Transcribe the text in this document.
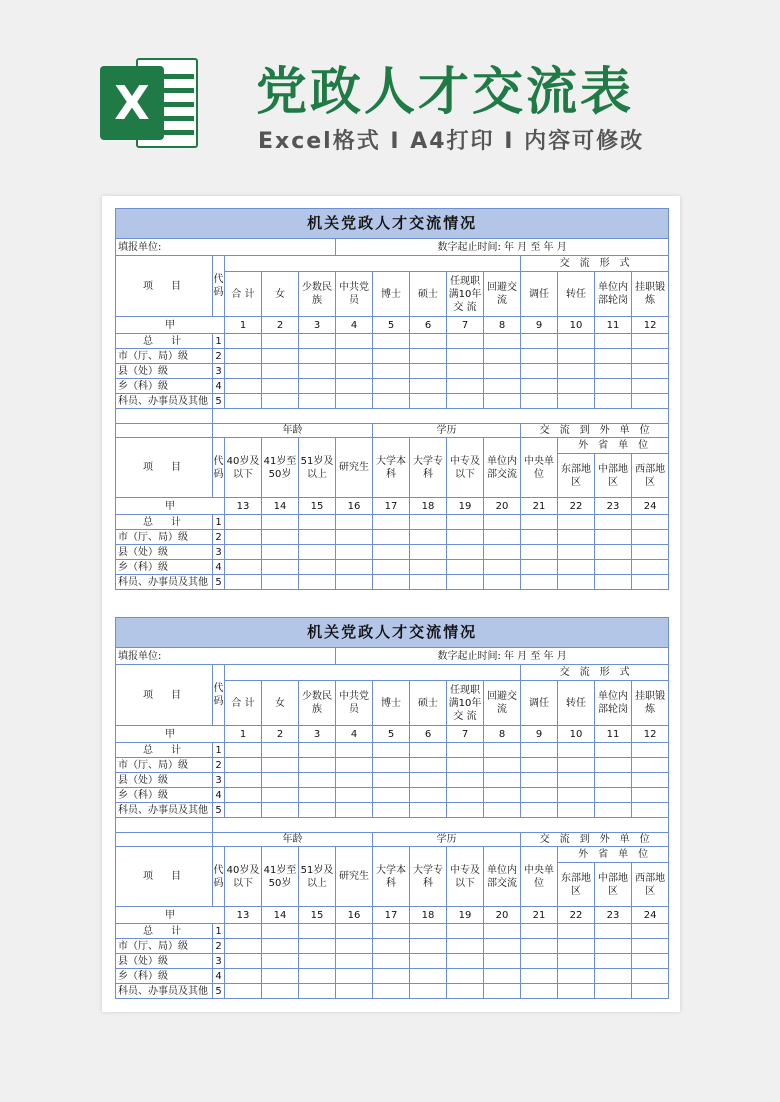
X 党政人才交流表
Excel格式 I A4打印 I 内容可修改
机关党政人才交流情况													
填报单位:					数字起止时间: 年 月 至 年 月								
项　目	代码									交　流　形　式			
		合 计	女	少数民族	中共党员	博士	硕士	任现职满10年交 流	回避交流	调任	转任	单位内部轮岗	挂职锻炼
甲		1	2	3	4	5	6	7	8	9	10	11	12
总　计	1												
市（厅、局）级	2												
县（处）级	3												
乡（科）级	4												
科员、办事员及其他	5												

	年龄					学历				交　流　到　外　单　位			
项　目	代码	40岁及以下	41岁至50岁	51岁及以上	研究生	大学本科	大学专科	中专及以下	单位内部交流	中央单位	外　省　单　位		
											东部地区	中部地区	西部地区
甲		13	14	15	16	17	18	19	20	21	22	23	24
总　计	1												
市（厅、局）级	2												
县（处）级	3												
乡（科）级	4												
科员、办事员及其他	5												
机关党政人才交流情况													
填报单位:					数字起止时间: 年 月 至 年 月								
项　目	代码									交　流　形　式			
		合 计	女	少数民族	中共党员	博士	硕士	任现职满10年交 流	回避交流	调任	转任	单位内部轮岗	挂职锻炼
甲		1	2	3	4	5	6	7	8	9	10	11	12
总　计	1												
市（厅、局）级	2												
县（处）级	3												
乡（科）级	4												
科员、办事员及其他	5												

	年龄					学历				交　流　到　外　单　位			
项　目	代码	40岁及以下	41岁至50岁	51岁及以上	研究生	大学本科	大学专科	中专及以下	单位内部交流	中央单位	外　省　单　位		
											东部地区	中部地区	西部地区
甲		13	14	15	16	17	18	19	20	21	22	23	24
总　计	1												
市（厅、局）级	2												
县（处）级	3												
乡（科）级	4												
科员、办事员及其他	5												
